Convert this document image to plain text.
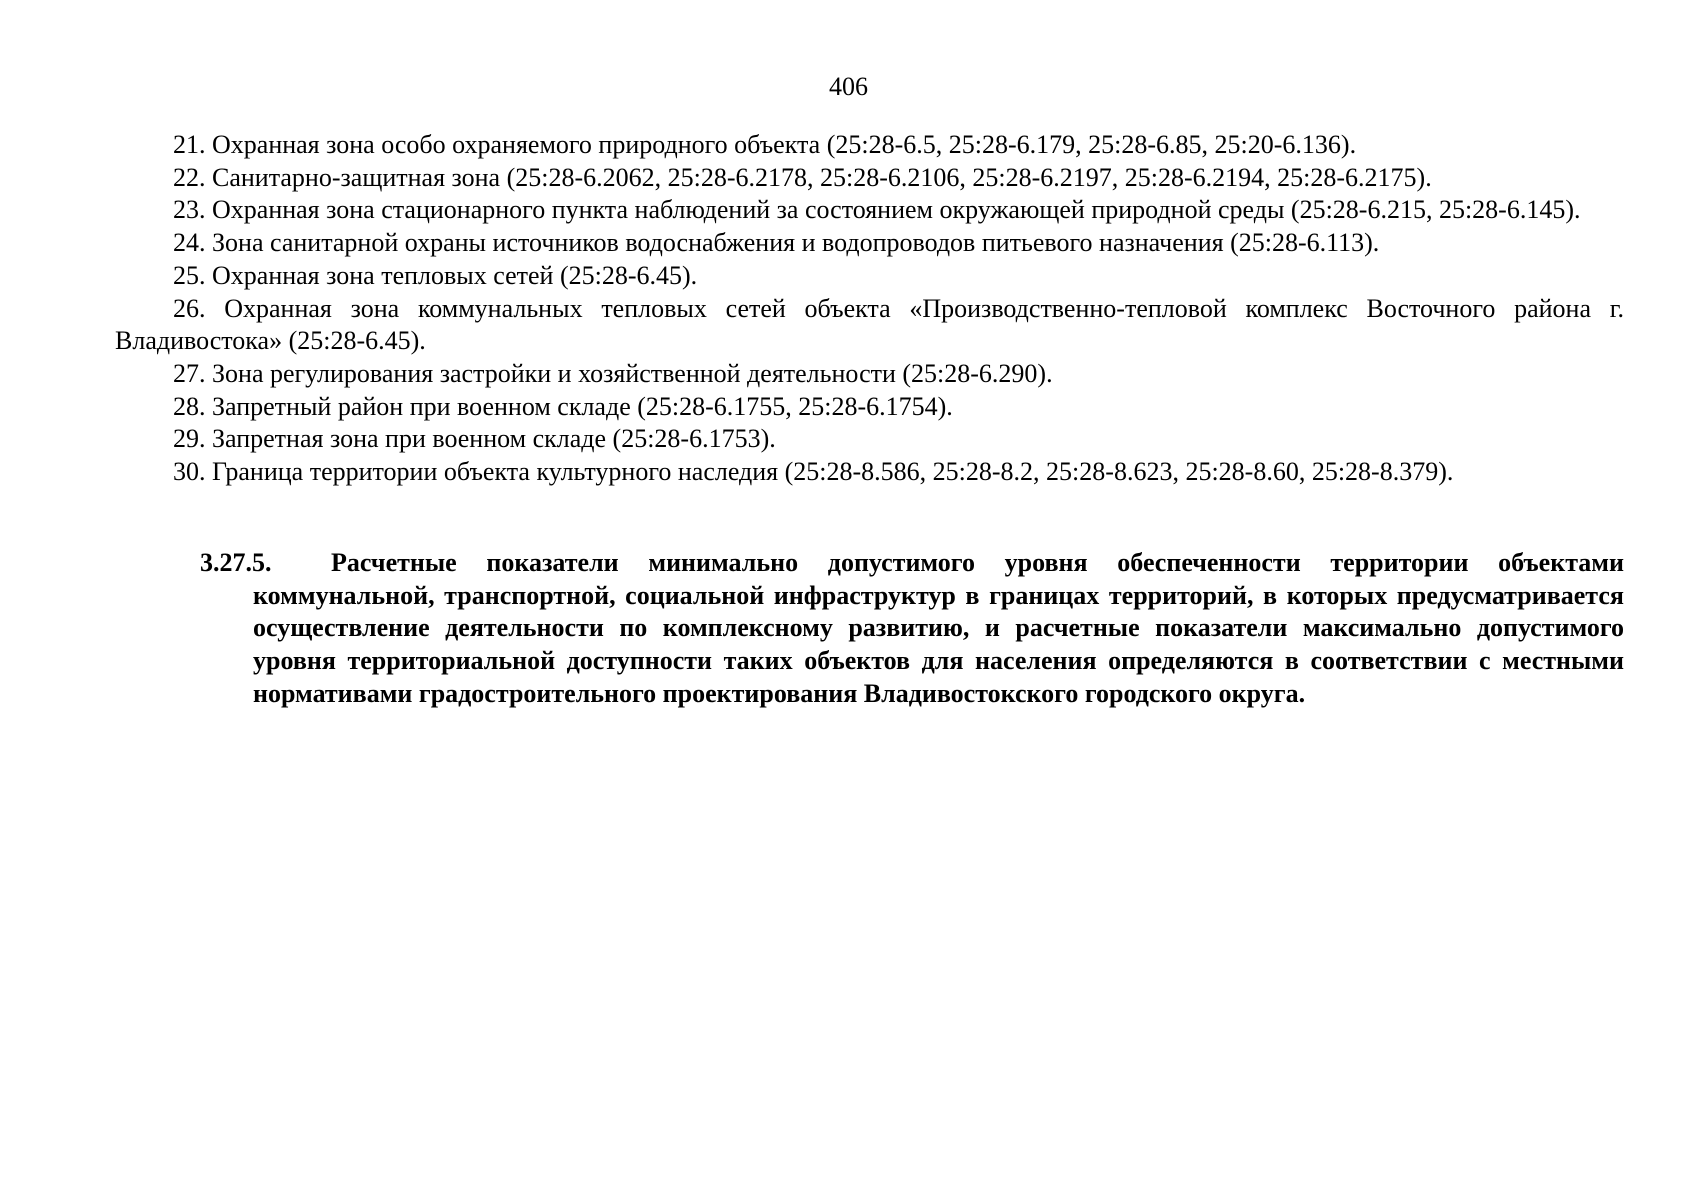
406

21. Охранная зона особо охраняемого природного объекта (25:28-6.5, 25:28-6.179, 25:28-6.85, 25:20-6.136).

22. Санитарно-защитная зона (25:28-6.2062, 25:28-6.2178, 25:28-6.2106, 25:28-6.2197, 25:28-6.2194, 25:28-6.2175).

23. Охранная зона стационарного пункта наблюдений за состоянием окружающей природной среды (25:28-6.215, 25:28-6.145).

24. Зона санитарной охраны источников водоснабжения и водопроводов питьевого назначения (25:28-6.113).

25. Охранная зона тепловых сетей (25:28-6.45).

26. Охранная зона коммунальных тепловых сетей объекта «Производственно-тепловой комплекс Восточного района г. Владивостока» (25:28-6.45).

27. Зона регулирования застройки и хозяйственной деятельности (25:28-6.290).

28. Запретный район при военном складе (25:28-6.1755, 25:28-6.1754).

29. Запретная зона при военном складе (25:28-6.1753).

30. Граница территории объекта культурного наследия (25:28-8.586, 25:28-8.2, 25:28-8.623, 25:28-8.60, 25:28-8.379).

3.27.5.	Расчетные показатели минимально допустимого уровня обеспеченности территории объектами
коммунальной, транспортной, социальной инфраструктур в границах территорий, в которых предусматривается осуществление деятельности по комплексному развитию, и расчетные показатели максимально допустимого уровня территориальной доступности таких объектов для населения определяются в соответствии с местными нормативами градостроительного проектирования Владивостокского городского округа.
